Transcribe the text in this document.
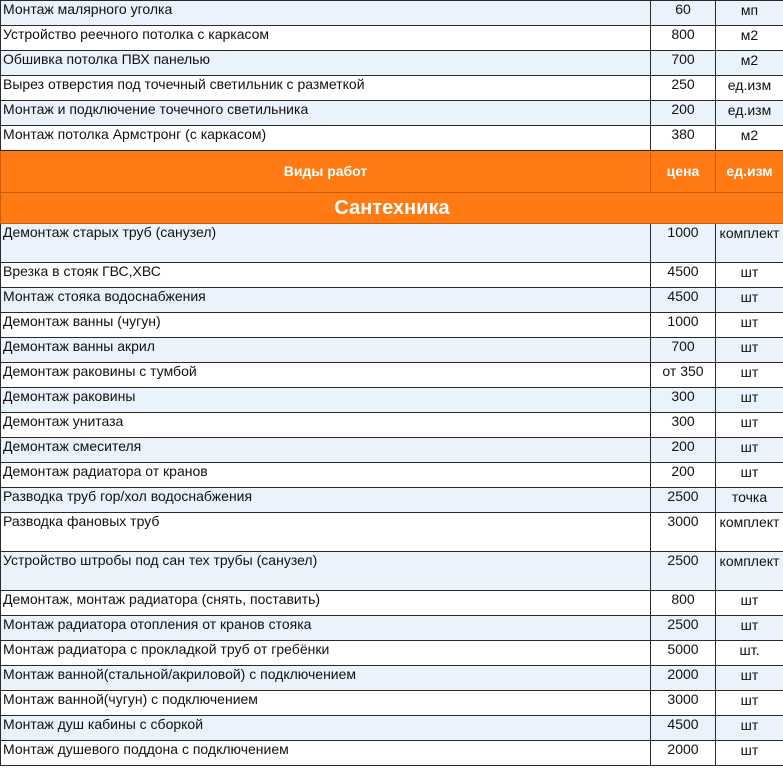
Монтаж малярного уголка	60	мп
Устройство реечного потолка с каркасом	800	м2
Обшивка потолка ПВХ панелью	700	м2
Вырез отверстия под точечный светильник с разметкой	250	ед.изм
Монтаж и подключение точечного светильника	200	ед.изм
Монтаж потолка Армстронг (с каркасом)	380	м2
Виды работ	цена	ед.изм
Сантехника		
Демонтаж старых труб (санузел)	1000	комплект
Врезка в стояк ГВС,ХВС	4500	шт
Монтаж стояка водоснабжения	4500	шт
Демонтаж ванны (чугун)	1000	шт
Демонтаж ванны акрил	700	шт
Демонтаж раковины с тумбой	от 350	шт
Демонтаж раковины	300	шт
Демонтаж унитаза	300	шт
Демонтаж смесителя	200	шт
Демонтаж радиатора от кранов	200	шт
Разводка труб гор/хол водоснабжения	2500	точка
Разводка фановых труб	3000	комплект
Устройство штробы под сан тех трубы (санузел)	2500	комплект
Демонтаж, монтаж радиатора (снять, поставить)	800	шт
Монтаж радиатора отопления от кранов стояка	2500	шт
Монтаж радиатора с прокладкой труб от гребёнки	5000	шт.
Монтаж ванной(стальной/акриловой) с подключением	2000	шт
Монтаж ванной(чугун) с подключением	3000	шт
Монтаж душ кабины с сборкой	4500	шт
Монтаж душевого поддона с подключением	2000	шт
